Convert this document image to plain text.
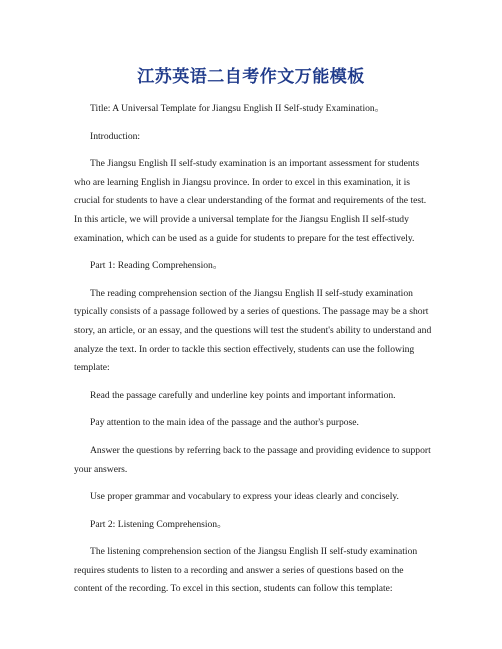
江苏英语二自考作文万能模板

Title: A Universal Template for Jiangsu English II Self-study Examination。

Introduction:

The Jiangsu English II self-study examination is an important assessment for students who are learning English in Jiangsu province. In order to excel in this examination, it is crucial for students to have a clear understanding of the format and requirements of the test. In this article, we will provide a universal template for the Jiangsu English II self-study examination, which can be used as a guide for students to prepare for the test effectively.

Part 1: Reading Comprehension。

The reading comprehension section of the Jiangsu English II self-study examination typically consists of a passage followed by a series of questions. The passage may be a short story, an article, or an essay, and the questions will test the student's ability to understand and analyze the text. In order to tackle this section effectively, students can use the following template:

Read the passage carefully and underline key points and important information.

Pay attention to the main idea of the passage and the author's purpose.

Answer the questions by referring back to the passage and providing evidence to support your answers.

Use proper grammar and vocabulary to express your ideas clearly and concisely.

Part 2: Listening Comprehension。

The listening comprehension section of the Jiangsu English II self-study examination requires students to listen to a recording and answer a series of questions based on the content of the recording. To excel in this section, students can follow this template:
